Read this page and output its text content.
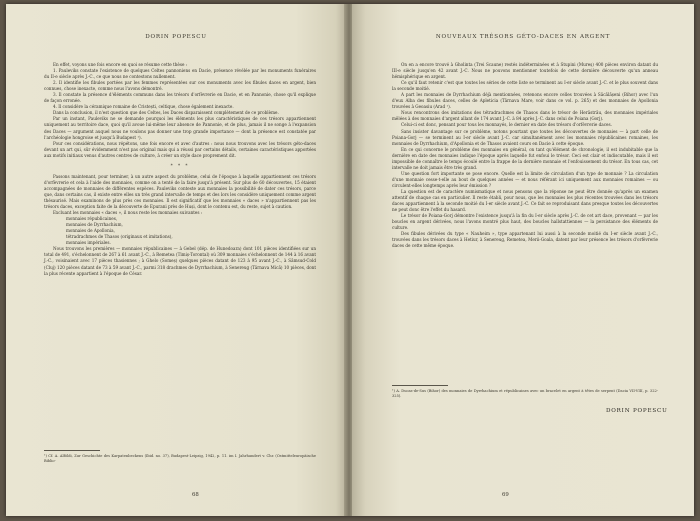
DORIN POPESCU

En effet, voyons une fois encore en quoi se résume cette thèse :

1. Pauleviks constate l'existence de quelques Celtes pannoniens en Dacie, présence révélée par les monuments funéraires du II-e siècle après J.-C., ce que nous ne contestons nullement.

2. Il identifie les fibules portées par les femmes représentées sur ces monuments avec les fibules daces en argent, bien connues, chose inexacte, comme nous l'avons démontré.

3. Il constate la présence d'éléments communs dans les trésors d'orfèvrerie en Dacie, et en Pannonie, chose qu'il explique de façon erronée.

4. Il considère la céramique romaine de Cristești, celtique, chose également inexacte.

Dans la conclusion, il n'est question que des Celtes, les Daces disparaissent complètement de ce problème.

Par un instant, Pauleviks ne se demande pourquoi les éléments les plus caractéristiques de ces trésors appartiennent uniquement au territoire dace, quoi qu'il avoue lui-même leur absence de Pannonie, et de plus, jamais il ne songe à l'expansion des Daces — argument auquel nous ne voulons pas donner une trop grande importance — dont la présence est constatée par l'archéologie hongroise et jusqu'à Budapest ¹).

Pour ces considérations, nous répétons, une fois encore et avec d'autres : nous nous trouvons avec les trésors géto-daces devant un art qui, sûr évidemment n'est pas original mais qui a réussi par certains détails, certaines caractéristiques apportées aux motifs initiaux venus d'autres centres de culture, à créer un style dace proprement dit.

* * *

Passons maintenant, pour terminer, à un autre aspect du problème, celui de l'époque à laquelle appartiennent ces trésors d'orfèvrerie et cela à l'aide des monnaies, comme on a tenté de la faire jusqu'à présent. Sur plus de 60 découvertes, 15 étaient accompagnées de monnaies de différentes espèces. Pauleviks conteste aux monnaies la possibilité de dater ces trésors, parce que, dans certains cas, il existe entre elles un très grand intervalle de temps et des lors les considère uniquement comme argent thésaurisé. Mais examinons de plus près ces monnaies. Il est significatif que les monnaies « daces » n'appartiennent pas les trésors daces, exception faite de la découverte de Epurani près de Huși, dont le contenu est, du reste, sujet à caution.

Excluant les monnaies « daces », il nous reste les monnaies suivantes :

monnaies républicaines,

monnaies de Dyrrhachium,

monnaies de Apollonia,

tétradrachmes de Thasos (originaux et imitations),

monnaies impériales.

Nous trouvons les premières — monnaies républicaines — à Gebel (dép. de Hunedoara) dont 101 pièces identifiées sur un total de 491, s'échelonnent de 267 à 61 avant J.-C., à Remetea (Timiș-Torontal) où 309 monnaies s'échelonnent de 144 à 16 avant J.-C., voisinaient avec 17 pièces thasiennes ; à Ghelo (Someș) quelques pièces datant de 123 à 95 avant J.-C., à Sâmsud-Cold (Cluj) 120 pièces datant de 73 à 59 avant J.-C., parmi 318 drachmes de Dyrrhachium, à Senereug (Târnava Mică) 10 pièces, dont la plus récente appartient à l'époque de César.

¹) Cf. A. Alföldi, Zur Geschichte des Karpatenbeckens (Ibid. no. 37), Budapest-Leipzig, 1942, p. 11. im I. Jahrhundert v. Chr. (Ostmitteleuropäische Biblio-
68
NOUVEAUX TRÉSORS GÉTO-DACES EN ARGENT

On en a encore trouvé à Gholinta (Trei Scaune) restés indéterminées et à Stupini (Mureș) 400 pièces environ datant du III-e siècle jusqu'en 42 avant J.-C. Nous ne pouvons mentionner toutefois de cette dernière découverte qu'un anneau hémisphérique en argent.

Ce qu'il faut retenir c'est que toutes les séries de cette liste se terminent au I-er siècle avant J.-C. et le plus souvent dans la seconde moitié.

A part les monnaies de Dyrrhachium déjà mentionnées, retenons encore celles trouvées à Săcălășeni (Bihor) avec l'un d'eux Alba des fibules daces, celles de Apleticia (Târnava Mare, voir dans ce vol. p. 265) et des monnaies de Apollonia trouvées à Geoasiu (Arad ¹).

Nous rencontrons des imitations des tétradrachmes de Thasos dans le trésor de Herăstrău, des monnaies impériales mêlées à des monnaies d'argent allant de 174 avant J.-C. à 84 après J.-C. dans celui de Poiana (Gorj).

Celui-ci est donc, pensant pour tous les monnayés, le dernier en date des trésors d'orfèvrerie daces.

Sans insister davantage sur ce problème, notons pourtant que toutes les découvertes de monnaies — à part celle de Poiana-Gorj — se terminent au I-er siècle avant J.-C. car simultanément avec les monnaies républicaines romaines, les monnaies de Dyrrhachium, d'Apollonia et de Thasos avaient cours en Dacie à cette époque.

En ce qui concerne le problème des monnaies en général, on tant qu'élément de chronologie, il est indubitable que la dernière en date des monnaies indique l'époque après laquelle fut enfoui le trésor. Ceci est clair et indiscutable, mais il est impossible de connaître le temps écoulé entre la frappe de la dernière monnaie et l'enfouissement du trésor. En tous cas, cet intervalle ne doit jamais être très grand.

Une question fort importante se pose encore. Quelle est la limite de circulation d'un type de monnaie ? La circulation d'une monnaie cesse-t-elle au bout de quelques années — et nous référant ici uniquement aux monnaies romaines — ou circulent-elles longtemps après leur émission ?

La question est de caractère numismatique et nous pensons que la réponse ne peut être donnée qu'après un examen attentif de chaque cas en particulier. Il reste établi, pour nous, que les monnaies les plus récentes trouvées dans les trésors daces appartiennent à la seconde moitié du I-er siècle avant J.-C. Ce fait se reproduisant dans presque toutes les découvertes ne peut donc être l'effet du hasard.

Le trésor de Poiana-Gorj démontre l'existence jusqu'à la fin du I-er siècle après J.-C. de cet art dace, provenant — par les boucles en argent dérivées, nous l'avons montré plus haut, des boucles hallstattiennes — la persistance des éléments de culture.

Des fibules dérivées du type « Nauheim », type appartenant lui aussi à la seconde moitié du I-er siècle avant J.-C., trouvées dans les trésors daces à Hetiur, à Senereug, Remetea, Merii-Goala, datent par leur présence les trésors d'orfèvrerie daces de cette même époque.

¹) A. Ducas-de-Sus (Bihor) des monnaies de Dyrrhachium et républicaines avec un bracelet en argent à têtes de serpent (Dacia VII-VIII, p. 322-325).
DORIN POPESCU
69
